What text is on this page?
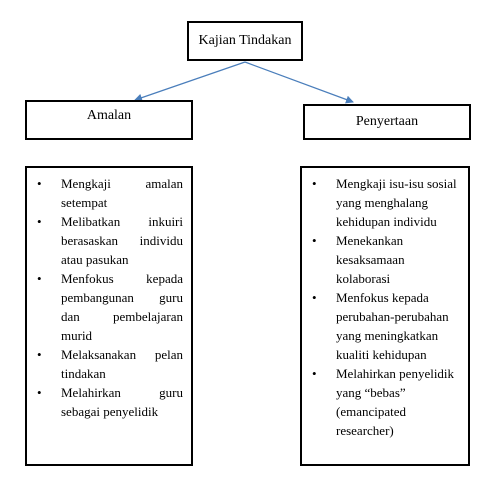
Kajian Tindakan
Amalan	Penyertaan
• Mengkaji amalan setempat
• Melibatkan inkuiri berasaskan individu atau pasukan
• Menfokus kepada pembangunan guru dan pembelajaran murid
• Melaksanakan pelan tindakan
• Melahirkan guru sebagai penyelidik
• Mengkaji isu-isu sosial yang menghalang kehidupan individu
• Menekankan kesaksamaan kolaborasi
• Menfokus kepada perubahan-perubahan yang meningkatkan kualiti kehidupan
• Melahirkan penyelidik yang “bebas” (emancipated researcher)
